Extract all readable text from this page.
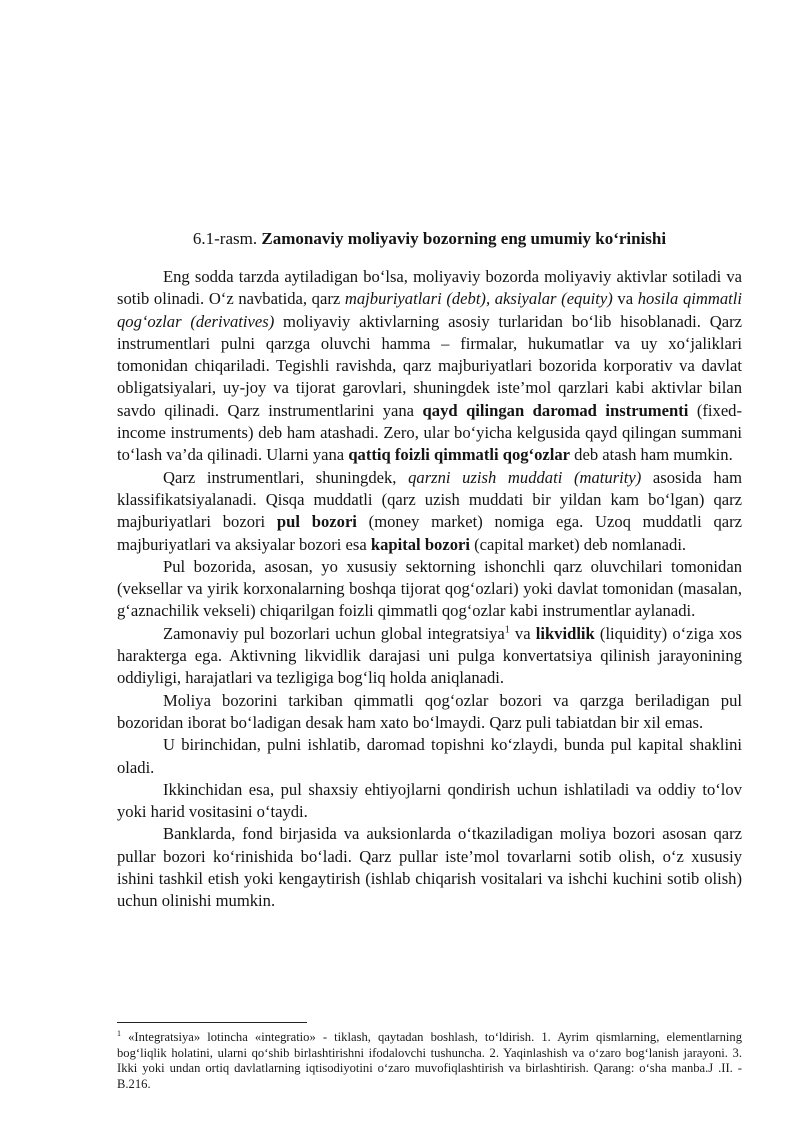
6.1-rasm. Zamonaviy moliyaviy bozorning eng umumiy ko‘rinishi

Eng sodda tarzda aytiladigan bo‘lsa, moliyaviy bozorda moliyaviy aktivlar sotiladi va sotib olinadi. O‘z navbatida, qarz majburiyatlari (debt), aksiyalar (equity) va hosila qimmatli qog‘ozlar (derivatives) moliyaviy aktivlarning asosiy turlaridan bo‘lib hisoblanadi. Qarz instrumentlari pulni qarzga oluvchi hamma – firmalar, hukumatlar va uy xo‘jaliklari tomonidan chiqariladi. Tegishli ravishda, qarz majburiyatlari bozorida korporativ va davlat obligatsiyalari, uy-joy va tijorat garovlari, shuningdek iste’mol qarzlari kabi aktivlar bilan savdo qilinadi. Qarz instrumentlarini yana qayd qilingan daromad instrumenti (fixed-income instruments) deb ham atashadi. Zero, ular bo‘yicha kelgusida qayd qilingan summani to‘lash va’da qilinadi. Ularni yana qattiq foizli qimmatli qog‘ozlar deb atash ham mumkin.

Qarz instrumentlari, shuningdek, qarzni uzish muddati (maturity) asosida ham klassifikatsiyalanadi. Qisqa muddatli (qarz uzish muddati bir yildan kam bo‘lgan) qarz majburiyatlari bozori pul bozori (money market) nomiga ega. Uzoq muddatli qarz majburiyatlari va aksiyalar bozori esa kapital bozori (capital market) deb nomlanadi.

Pul bozorida, asosan, yo xususiy sektorning ishonchli qarz oluvchilari tomonidan (veksellar va yirik korxonalarning boshqa tijorat qog‘ozlari) yoki davlat tomonidan (masalan, g‘aznachilik vekseli) chiqarilgan foizli qimmatli qog‘ozlar kabi instrumentlar aylanadi.

Zamonaviy pul bozorlari uchun global integratsiya$^1$ va likvidlik (liquidity) o‘ziga xos harakterga ega. Aktivning likvidlik darajasi uni pulga konvertatsiya qilinish jarayonining oddiyligi, harajatlari va tezligiga bog‘liq holda aniqlanadi.

Moliya bozorini tarkiban qimmatli qog‘ozlar bozori va qarzga beriladigan pul bozoridan iborat bo‘ladigan desak ham xato bo‘lmaydi. Qarz puli tabiatdan bir xil emas.

U birinchidan, pulni ishlatib, daromad topishni ko‘zlaydi, bunda pul kapital shaklini oladi.

Ikkinchidan esa, pul shaxsiy ehtiyojlarni qondirish uchun ishlatiladi va oddiy to‘lov yoki harid vositasini o‘taydi.

Banklarda, fond birjasida va auksionlarda o‘tkaziladigan moliya bozori asosan qarz pullar bozori ko‘rinishida bo‘ladi. Qarz pullar iste’mol tovarlarni sotib olish, o‘z xususiy ishini tashkil etish yoki kengaytirish (ishlab chiqarish vositalari va ishchi kuchini sotib olish) uchun olinishi mumkin.

$^1$ «Integratsiya» lotincha «integratio» - tiklash, qaytadan boshlash, to‘ldirish. 1. Ayrim qismlarning, elementlarning bog‘liqlik holatini, ularni qo‘shib birlashtirishni ifodalovchi tushuncha. 2. Yaqinlashish va o‘zaro bog‘lanish jarayoni. 3. Ikki yoki undan ortiq davlatlarning iqtisodiyotini o‘zaro muvofiqlashtirish va birlashtirish. Qarang: o‘sha manba.J .II. - B.216.
